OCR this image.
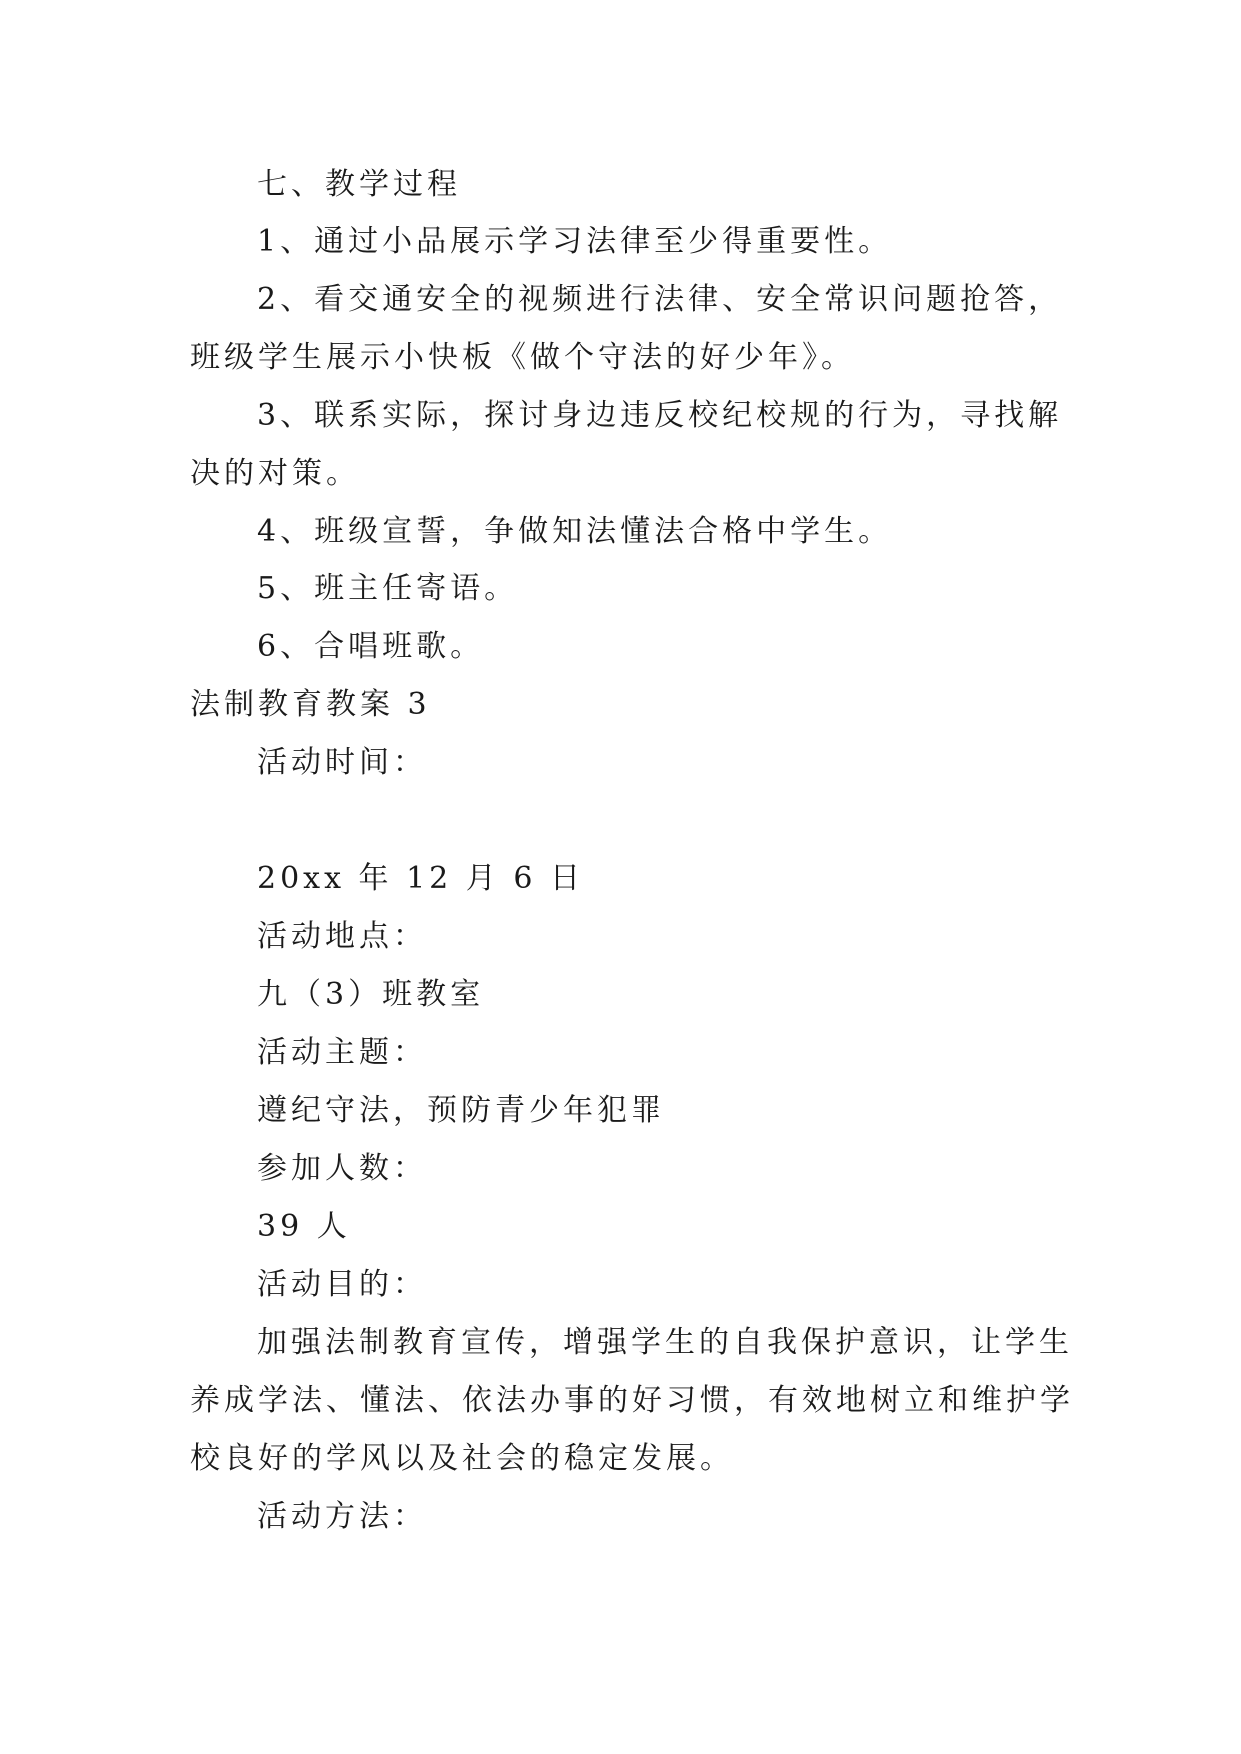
七、教学过程
1、通过小品展示学习法律至少得重要性。
2、看交通安全的视频进行法律、安全常识问题抢答，
班级学生展示小快板《做个守法的好少年》。
3、联系实际，探讨身边违反校纪校规的行为，寻找解
决的对策。
4、班级宣誓，争做知法懂法合格中学生。
5、班主任寄语。
6、合唱班歌。
法制教育教案 3
活动时间：
20xx 年 12 月 6 日
活动地点：
九（3）班教室
活动主题：
遵纪守法，预防青少年犯罪
参加人数：
39 人
活动目的：
加强法制教育宣传，增强学生的自我保护意识，让学生
养成学法、懂法、依法办事的好习惯，有效地树立和维护学
校良好的学风以及社会的稳定发展。
活动方法：
